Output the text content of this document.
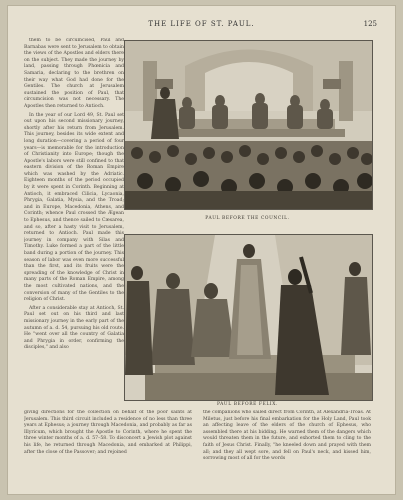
THE LIFE OF ST. PAUL.	125

them to be circumcised, Paul and Barnabas were sent to Jerusalem to obtain the views of the Apostles and elders there on the subject. They made the journey by land, passing through Phœnicia and Samaria, declaring to the brethren on their way what God had done for the Gentiles. The church at Jerusalem sustained the position of Paul, that circumcision was not necessary. The Apostles then returned to Antioch.

In the year of our Lord 49, St. Paul set out upon his second missionary journey, shortly after his return from Jerusalem. This journey, besides its wide extent and long duration—covering a period of four years—is memorable for the introduction of Christianity into Europe; though the Apostle's labors were still confined to that eastern division of the Roman Empire which was washed by the Adriatic. Eighteen months of the period occupied by it were spent in Corinth. Beginning at Antioch, it embraced Cilicia, Lycaonia, Phrygia, Galatia, Mysia, and the Troad; and in Europe, Macedonia, Athens, and Corinth; whence Paul crossed the Ægean to Ephesus, and thence sailed to Cæsarea, and so, after a hasty visit to Jerusalem, returned to Antioch. Paul made this journey in company with Silas and Timothy. Luke formed a part of the little band during a portion of the journey. This season of labor was even more successful than the first, and its fruits were the spreading of the knowledge of Christ in many parts of the Roman Empire, among the most cultivated nations, and the conversion of many of the Gentiles to the religion of Christ.

After a considerable stay at Antioch, St. Paul set out on his third and last missionary journey in the early part of the autumn of a. d. 54, pursuing his old route. He "went over all the country of Galatia and Phrygia in order, confirming the disciples," and also

PAUL BEFORE THE COUNCIL.
PAUL BEFORE FELIX.

giving directions for the collection on behalf of the poor saints at Jerusalem. This third circuit included a residence of no less than three years at Ephesus; a journey through Macedonia, and probably as far as Illyricum, which brought the Apostle to Corinth, where he spent the three winter months of a. d. 57–58. To disconcert a Jewish plot against his life, he returned through Macedonia, and embarked at Philippi, after the close of the Passover; and rejoined

the companions who sailed direct from Corinth, at Alexandria-Troas. At Miletus, just before his final embarkation for the Holy Land, Paul took an affecting leave of the elders of the church of Ephesus, who assembled there at his bidding. He warned them of the dangers which would threaten them in the future, and exhorted them to cling to the faith of Jesus Christ. Finally, "he kneeled down and prayed with them all; and they all wept sore, and fell on Paul's neck, and kissed him, sorrowing most of all for the words
